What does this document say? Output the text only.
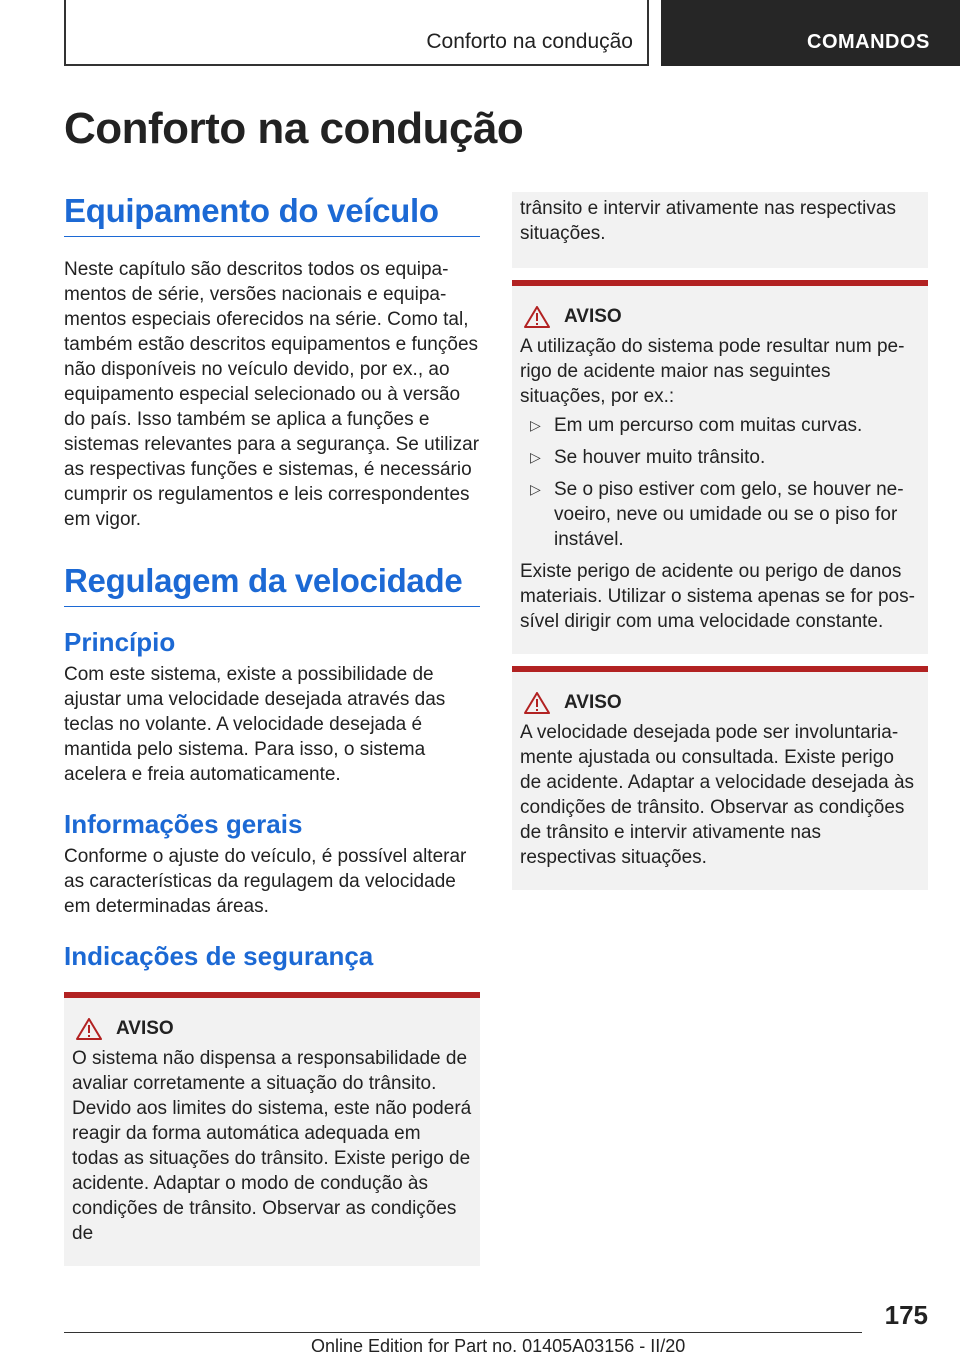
Conforto na condução	COMANDOS
Conforto na condução
Equipamento do veículo

Neste capítulo são descritos todos os equipamentos de série, versões nacionais e equipamentos especiais oferecidos na série. Como tal, também estão descritos equipamentos e funções não disponíveis no veículo devido, por ex., ao equipamento especial selecionado ou à versão do país. Isso também se aplica a funções e sistemas relevantes para a segurança. Se utilizar as respectivas funções e sistemas, é necessário cumprir os regulamentos e leis correspondentes em vigor.

Regulagem da velocidade
Princípio

Com este sistema, existe a possibilidade de ajustar uma velocidade desejada através das teclas no volante. A velocidade desejada é mantida pelo sistema. Para isso, o sistema acelera e freia automaticamente.

Informações gerais

Conforme o ajuste do veículo, é possível alterar as características da regulagem da velocidade em determinadas áreas.

Indicações de segurança
AVISO

O sistema não dispensa a responsabilidade de avaliar corretamente a situação do trânsito. Devido aos limites do sistema, este não poderá reagir da forma automática adequada em todas as situações do trânsito. Existe perigo de acidente. Adaptar o modo de condução às condições de trânsito. Observar as condições de

trânsito e intervir ativamente nas respectivas situações.

AVISO

A utilização do sistema pode resultar num perigo de acidente maior nas seguintes situações, por ex.:

▷ Em um percurso com muitas curvas.
▷ Se houver muito trânsito.
▷ Se o piso estiver com gelo, se houver nevoeiro, neve ou umidade ou se o piso for instável.

Existe perigo de acidente ou perigo de danos materiais. Utilizar o sistema apenas se for possível dirigir com uma velocidade constante.

AVISO

A velocidade desejada pode ser involuntariamente ajustada ou consultada. Existe perigo de acidente. Adaptar a velocidade desejada às condições de trânsito. Observar as condições de trânsito e intervir ativamente nas respectivas situações.

175
Online Edition for Part no. 01405A03156 - II/20
